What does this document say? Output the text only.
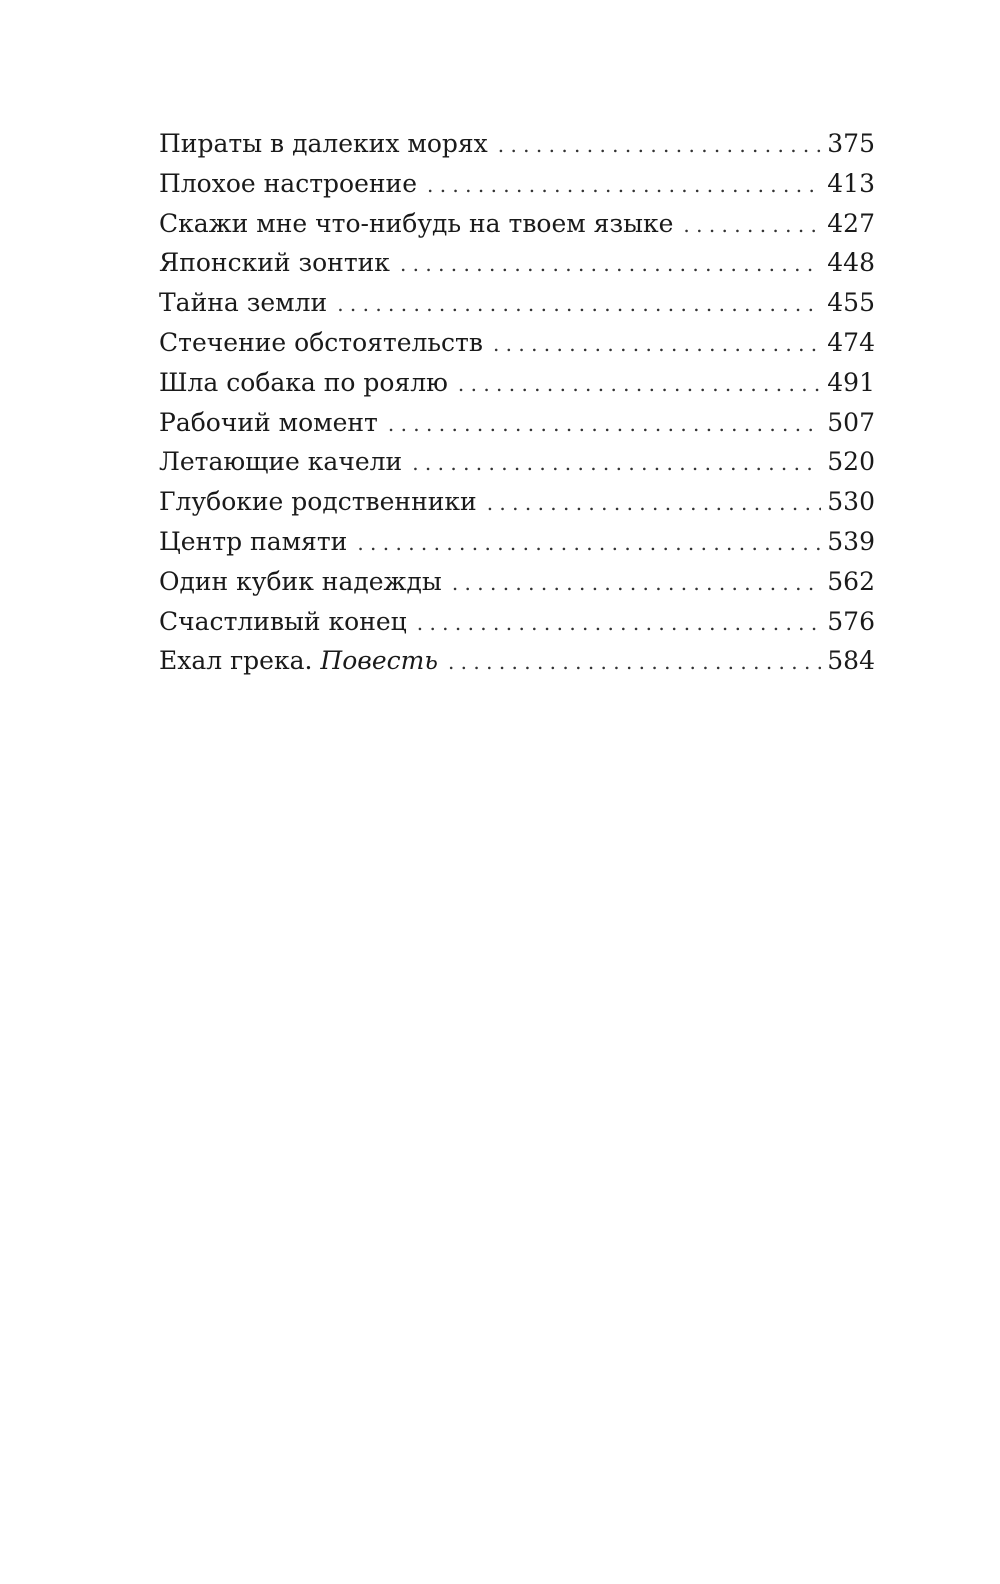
Пираты в далеких морях . . .	375
Плохое настроение . . .	413
Скажи мне что-нибудь на твоем языке . . .	427
Японский зонтик . . .	448
Тайна земли . . .	455
Стечение обстоятельств . . .	474
Шла собака по роялю . . .	491
Рабочий момент . . .	507
Летающие качели . . .	520
Глубокие родственники . . .	530
Центр памяти . . .	539
Один кубик надежды . . .	562
Счастливый конец . . .	576
Ехал грека. Повесть . . .	584
